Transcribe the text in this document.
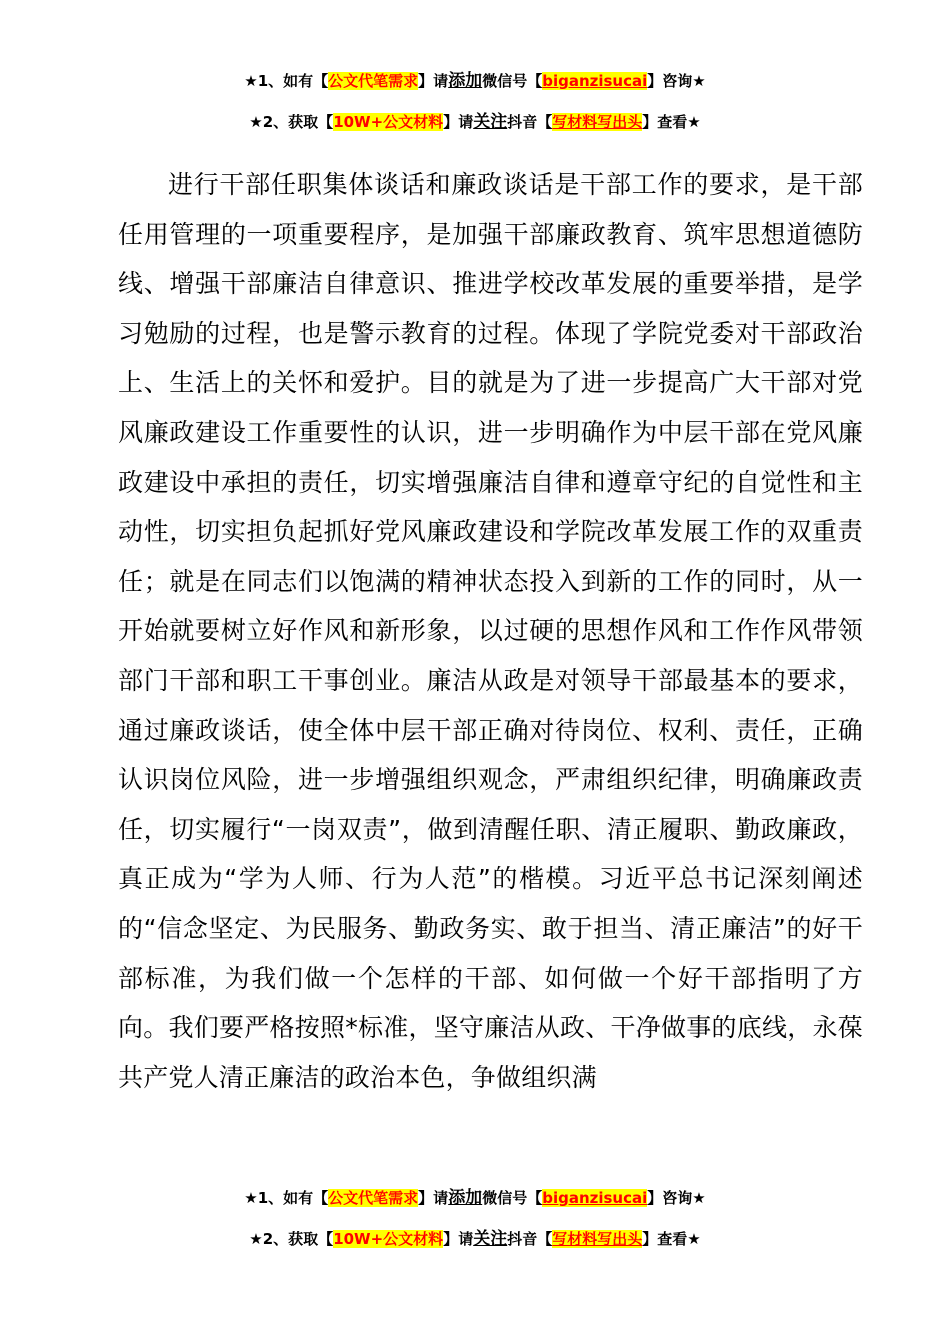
★1、如有【公文代笔需求】请添加微信号【biganzisucai】咨询★
★2、获取【10W+公文材料】请关注抖音【写材料写出头】查看★

进行干部任职集体谈话和廉政谈话是干部工作的要求，是干部任用管理的一项重要程序，是加强干部廉政教育、筑牢思想道德防线、增强干部廉洁自律意识、推进学校改革发展的重要举措，是学习勉励的过程，也是警示教育的过程。体现了学院党委对干部政治上、生活上的关怀和爱护。目的就是为了进一步提高广大干部对党风廉政建设工作重要性的认识，进一步明确作为中层干部在党风廉政建设中承担的责任，切实增强廉洁自律和遵章守纪的自觉性和主动性，切实担负起抓好党风廉政建设和学院改革发展工作的双重责任；就是在同志们以饱满的精神状态投入到新的工作的同时，从一开始就要树立好作风和新形象，以过硬的思想作风和工作作风带领部门干部和职工干事创业。廉洁从政是对领导干部最基本的要求，通过廉政谈话，使全体中层干部正确对待岗位、权利、责任，正确认识岗位风险，进一步增强组织观念，严肃组织纪律，明确廉政责任，切实履行“一岗双责”，做到清醒任职、清正履职、勤政廉政，真正成为“学为人师、行为人范”的楷模。习近平总书记深刻阐述的“信念坚定、为民服务、勤政务实、敢于担当、清正廉洁”的好干部标准，为我们做一个怎样的干部、如何做一个好干部指明了方向。我们要严格按照*标准，坚守廉洁从政、干净做事的底线，永葆共产党人清正廉洁的政治本色，争做组织满

★1、如有【公文代笔需求】请添加微信号【biganzisucai】咨询★
★2、获取【10W+公文材料】请关注抖音【写材料写出头】查看★
